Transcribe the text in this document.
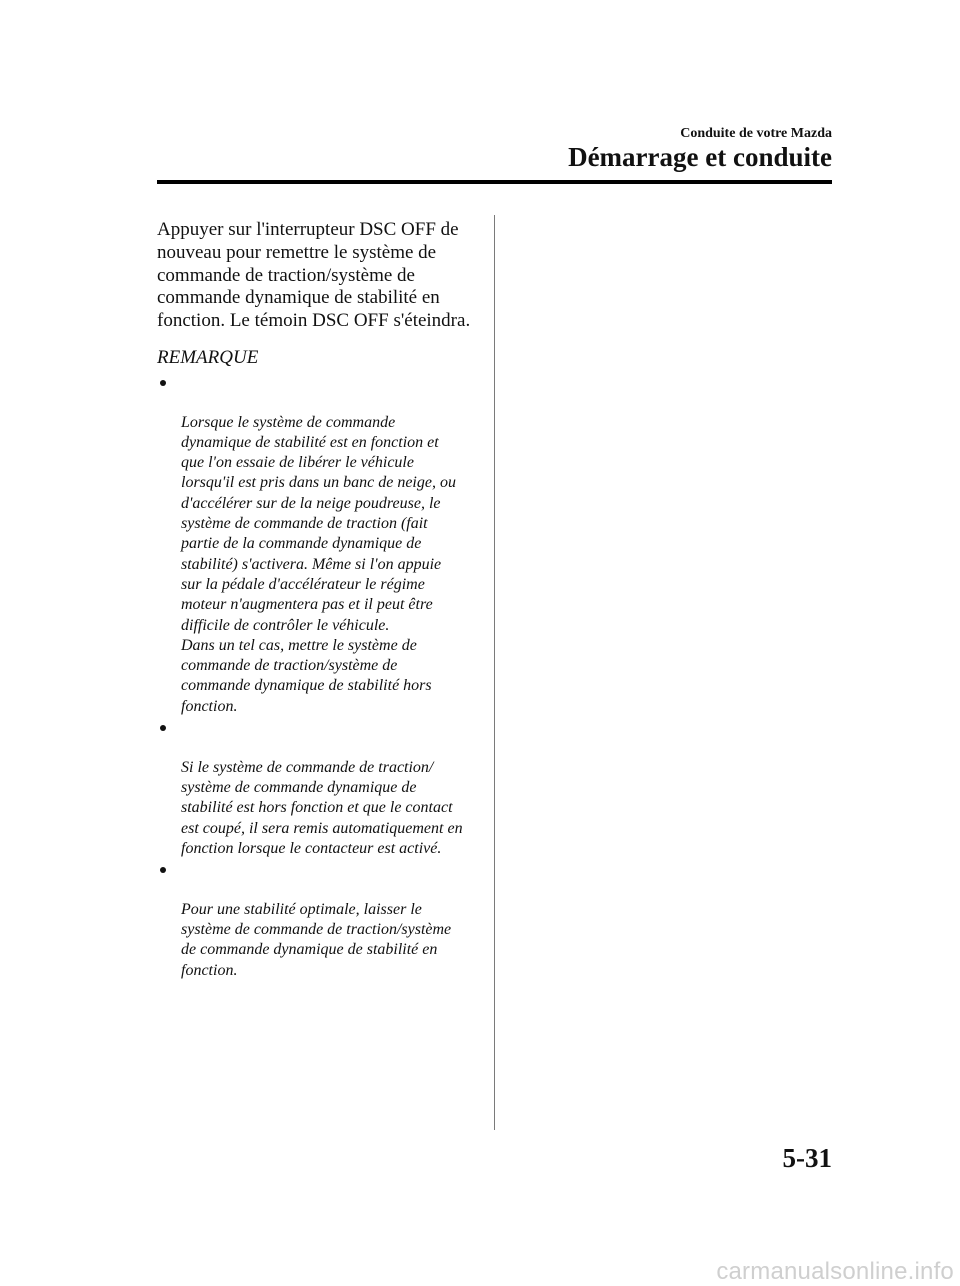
Conduite de votre Mazda
Démarrage et conduite

Appuyer sur l'interrupteur DSC OFF de
nouveau pour remettre le système de
commande de traction/système de
commande dynamique de stabilité en
fonction. Le témoin DSC OFF s'éteindra.

REMARQUE

Lorsque le système de commande
dynamique de stabilité est en fonction et
que l'on essaie de libérer le véhicule
lorsqu'il est pris dans un banc de neige, ou
d'accélérer sur de la neige poudreuse, le
système de commande de traction (fait
partie de la commande dynamique de
stabilité) s'activera. Même si l'on appuie
sur la pédale d'accélérateur le régime
moteur n'augmentera pas et il peut être
difficile de contrôler le véhicule.
Dans un tel cas, mettre le système de
commande de traction/système de
commande dynamique de stabilité hors
fonction.

Si le système de commande de traction/
système de commande dynamique de
stabilité est hors fonction et que le contact
est coupé, il sera remis automatiquement en
fonction lorsque le contacteur est activé.

Pour une stabilité optimale, laisser le
système de commande de traction/système
de commande dynamique de stabilité en
fonction.

5-31
carmanualsonline.info
